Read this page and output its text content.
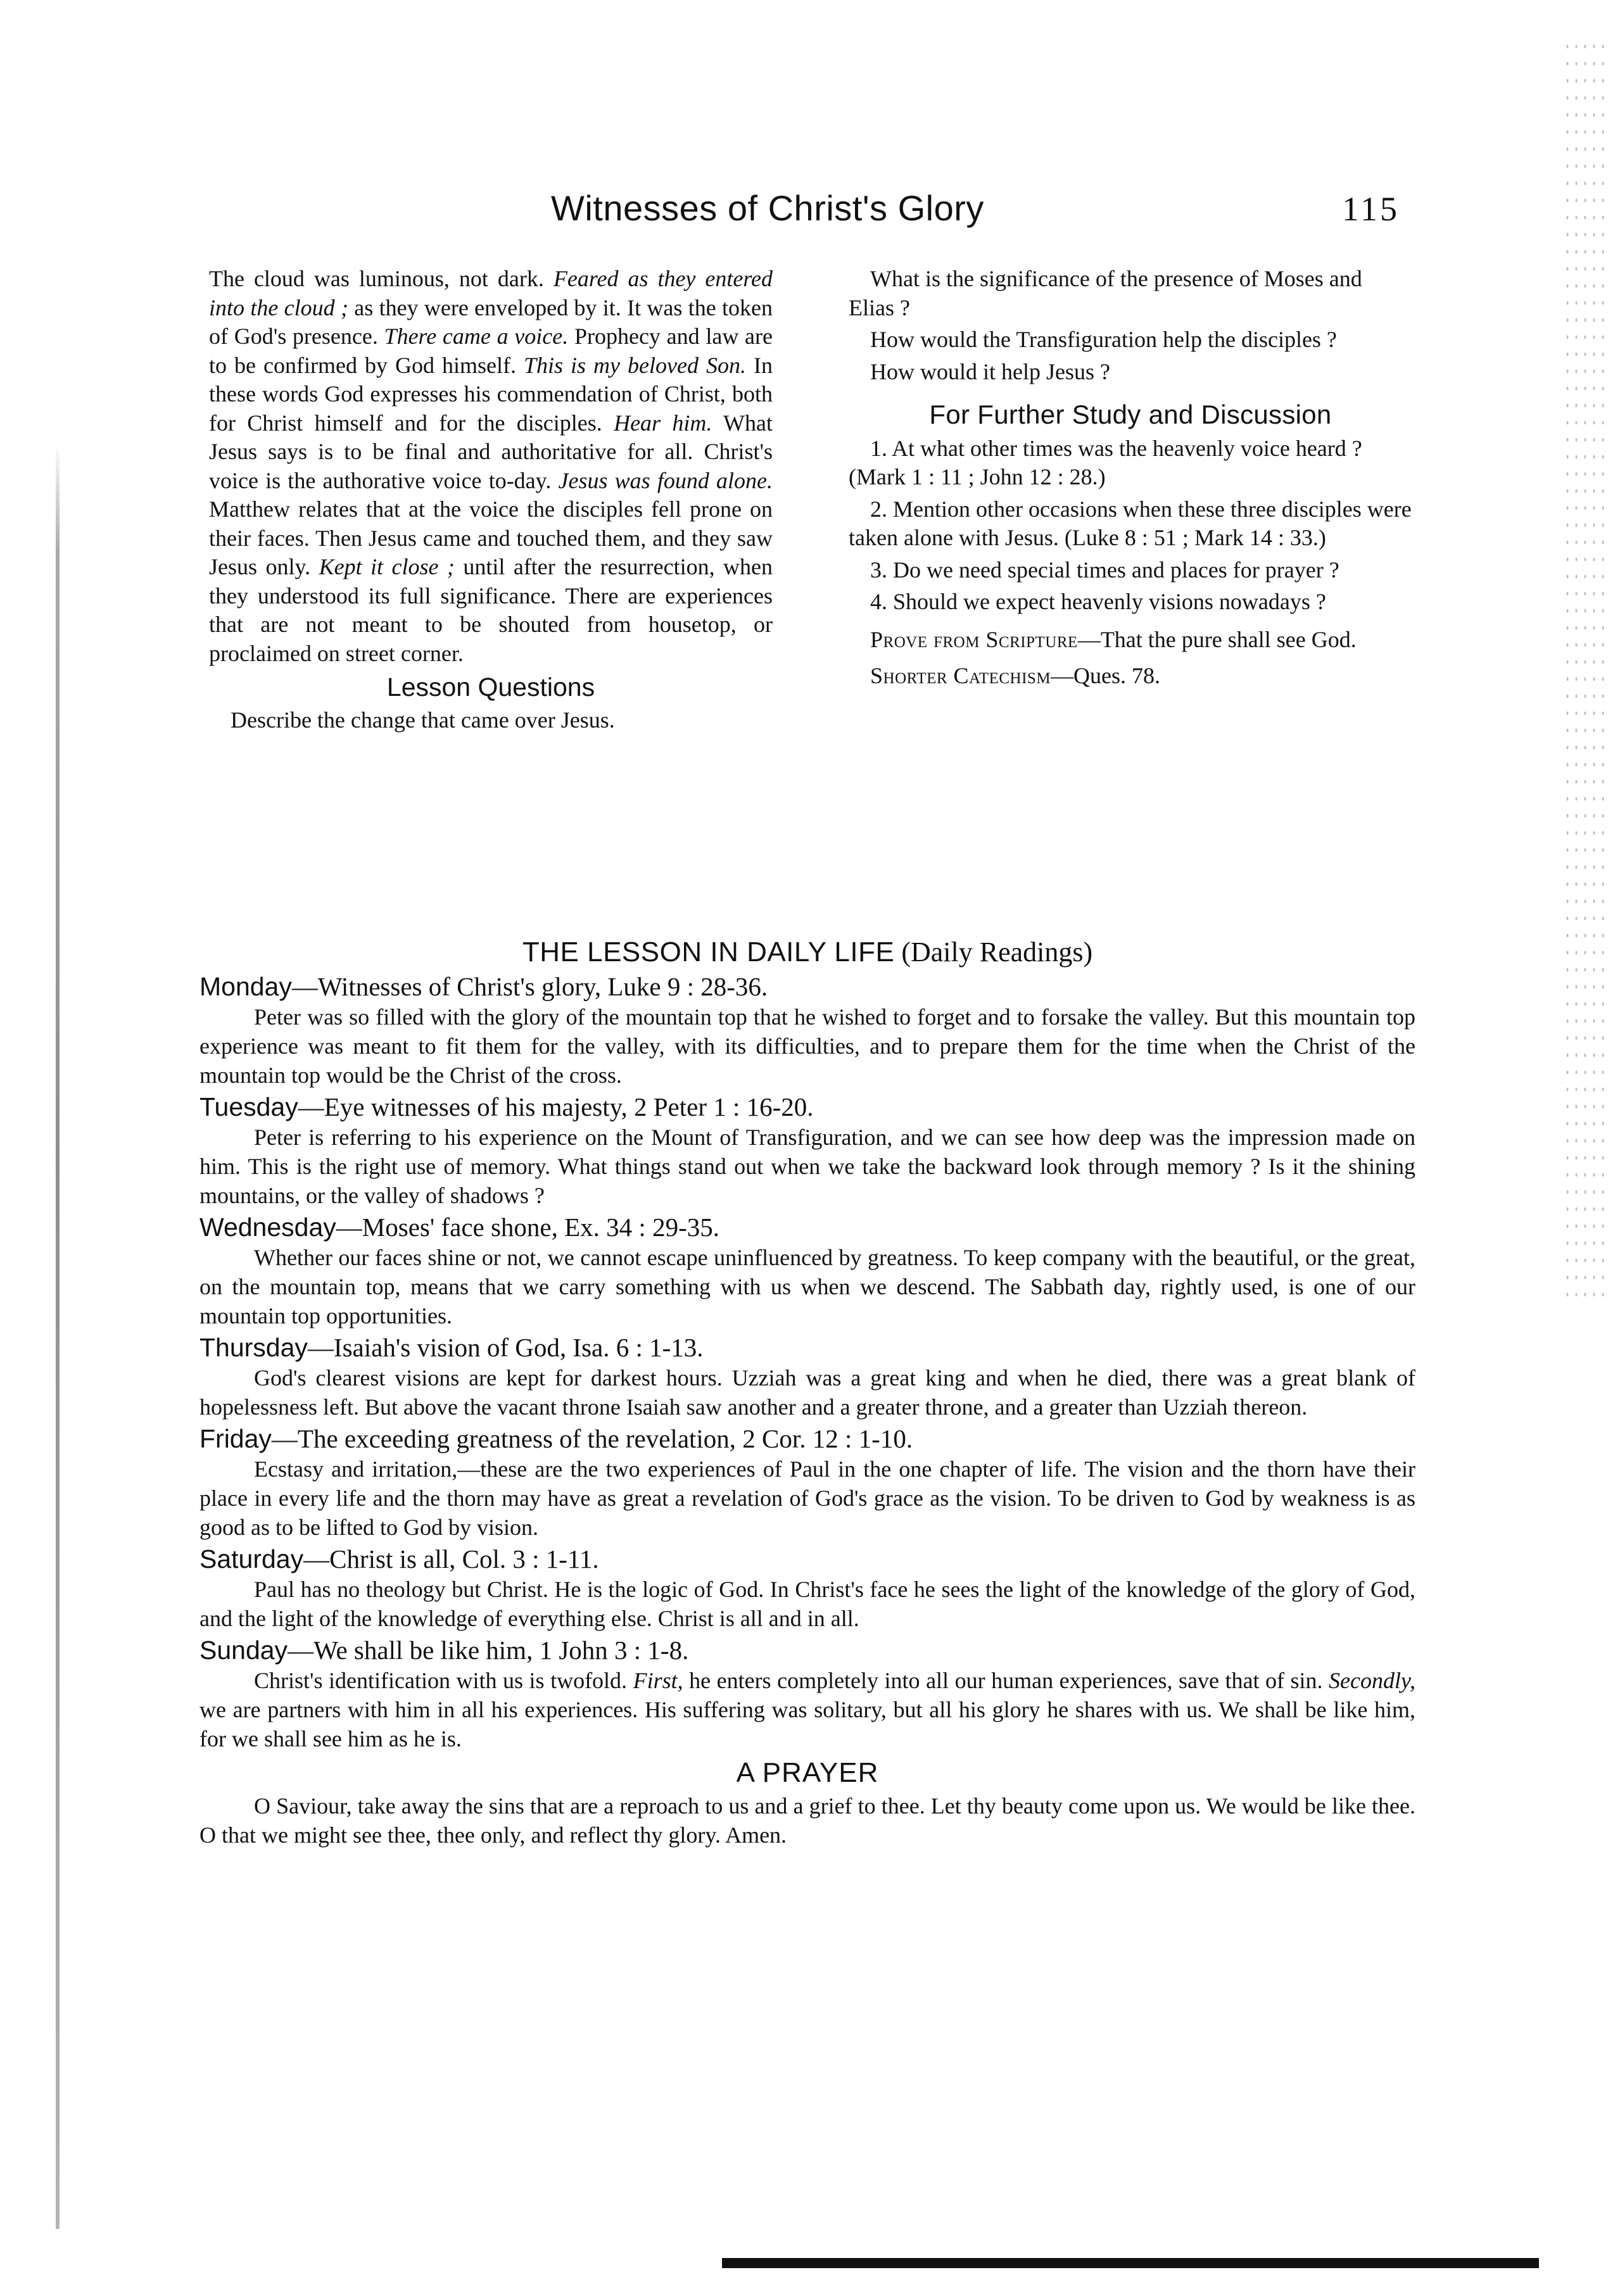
Witnesses of Christ's Glory	115

The cloud was luminous, not dark. Feared as they entered into the cloud ; as they were enveloped by it. It was the token of God's presence. There came a voice. Prophecy and law are to be confirmed by God himself. This is my beloved Son. In these words God expresses his commendation of Christ, both for Christ himself and for the disciples. Hear him. What Jesus says is to be final and authoritative for all. Christ's voice is the authorative voice to-day. Jesus was found alone. Matthew relates that at the voice the disciples fell prone on their faces. Then Jesus came and touched them, and they saw Jesus only. Kept it close ; until after the resurrection, when they understood its full significance. There are experiences that are not meant to be shouted from housetop, or proclaimed on street corner.

Lesson Questions

Describe the change that came over Jesus.

What is the significance of the presence of Moses and Elias ?

How would the Transfiguration help the disciples ?

How would it help Jesus ?

For Further Study and Discussion

1. At what other times was the heavenly voice heard ? (Mark 1 : 11 ; John 12 : 28.)

2. Mention other occasions when these three disciples were taken alone with Jesus. (Luke 8 : 51 ; Mark 14 : 33.)

3. Do we need special times and places for prayer ?

4. Should we expect heavenly visions nowadays ?

Prove from Scripture—That the pure shall see God.

Shorter Catechism—Ques. 78.

THE LESSON IN DAILY LIFE (Daily Readings)
Monday—Witnesses of Christ's glory, Luke 9 : 28-36.

Peter was so filled with the glory of the mountain top that he wished to forget and to forsake the valley. But this mountain top experience was meant to fit them for the valley, with its difficulties, and to prepare them for the time when the Christ of the mountain top would be the Christ of the cross.

Tuesday—Eye witnesses of his majesty, 2 Peter 1 : 16-20.

Peter is referring to his experience on the Mount of Transfiguration, and we can see how deep was the impression made on him. This is the right use of memory. What things stand out when we take the backward look through memory ? Is it the shining mountains, or the valley of shadows ?

Wednesday—Moses' face shone, Ex. 34 : 29-35.

Whether our faces shine or not, we cannot escape uninfluenced by greatness. To keep company with the beautiful, or the great, on the mountain top, means that we carry something with us when we descend. The Sabbath day, rightly used, is one of our mountain top opportunities.

Thursday—Isaiah's vision of God, Isa. 6 : 1-13.

God's clearest visions are kept for darkest hours. Uzziah was a great king and when he died, there was a great blank of hopelessness left. But above the vacant throne Isaiah saw another and a greater throne, and a greater than Uzziah thereon.

Friday—The exceeding greatness of the revelation, 2 Cor. 12 : 1-10.

Ecstasy and irritation,—these are the two experiences of Paul in the one chapter of life. The vision and the thorn have their place in every life and the thorn may have as great a revelation of God's grace as the vision. To be driven to God by weakness is as good as to be lifted to God by vision.

Saturday—Christ is all, Col. 3 : 1-11.

Paul has no theology but Christ. He is the logic of God. In Christ's face he sees the light of the knowledge of the glory of God, and the light of the knowledge of everything else. Christ is all and in all.

Sunday—We shall be like him, 1 John 3 : 1-8.

Christ's identification with us is twofold. First, he enters completely into all our human experiences, save that of sin. Secondly, we are partners with him in all his experiences. His suffering was solitary, but all his glory he shares with us. We shall be like him, for we shall see him as he is.

A PRAYER

O Saviour, take away the sins that are a reproach to us and a grief to thee. Let thy beauty come upon us. We would be like thee. O that we might see thee, thee only, and reflect thy glory. Amen.
